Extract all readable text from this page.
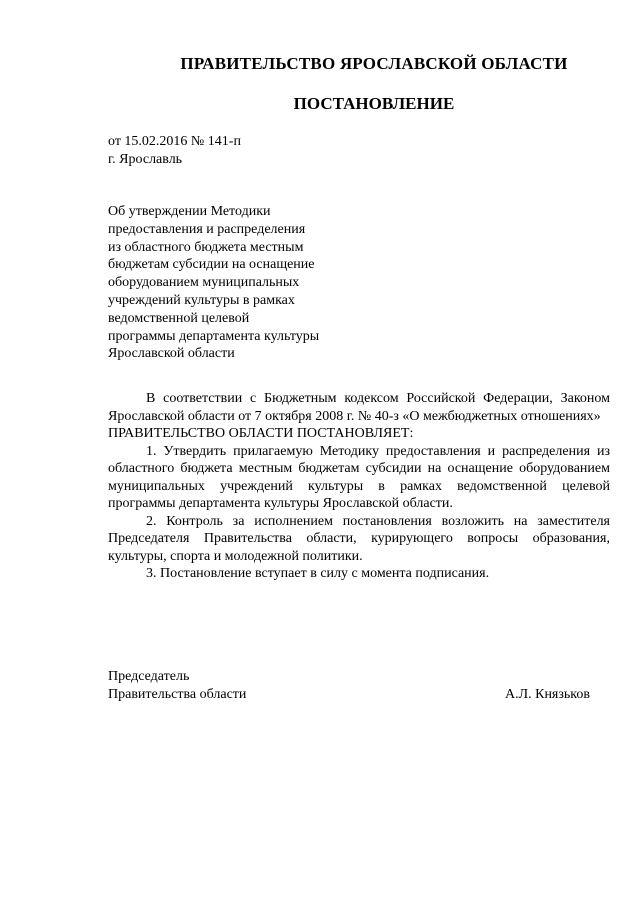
ПРАВИТЕЛЬСТВО ЯРОСЛАВСКОЙ ОБЛАСТИ
ПОСТАНОВЛЕНИЕ
от 15.02.2016 № 141-п
г. Ярославль
Об утверждении Методики
предоставления и распределения
из областного бюджета местным
бюджетам субсидии на оснащение
оборудованием муниципальных
учреждений культуры в рамках
ведомственной целевой
программы департамента культуры
Ярославской области

В соответствии с Бюджетным кодексом Российской Федерации, Законом Ярославской области от 7 октября 2008 г. № 40-з «О межбюджетных отношениях»

ПРАВИТЕЛЬСТВО ОБЛАСТИ ПОСТАНОВЛЯЕТ:

1. Утвердить прилагаемую Методику предоставления и распределения из областного бюджета местным бюджетам субсидии на оснащение оборудованием муниципальных учреждений культуры в рамках ведомственной целевой программы департамента культуры Ярославской области.

2. Контроль за исполнением постановления возложить на заместителя Председателя Правительства области, курирующего вопросы образования, культуры, спорта и молодежной политики.

3. Постановление вступает в силу с момента подписания.

Председатель
Правительства области	А.Л. Князьков
